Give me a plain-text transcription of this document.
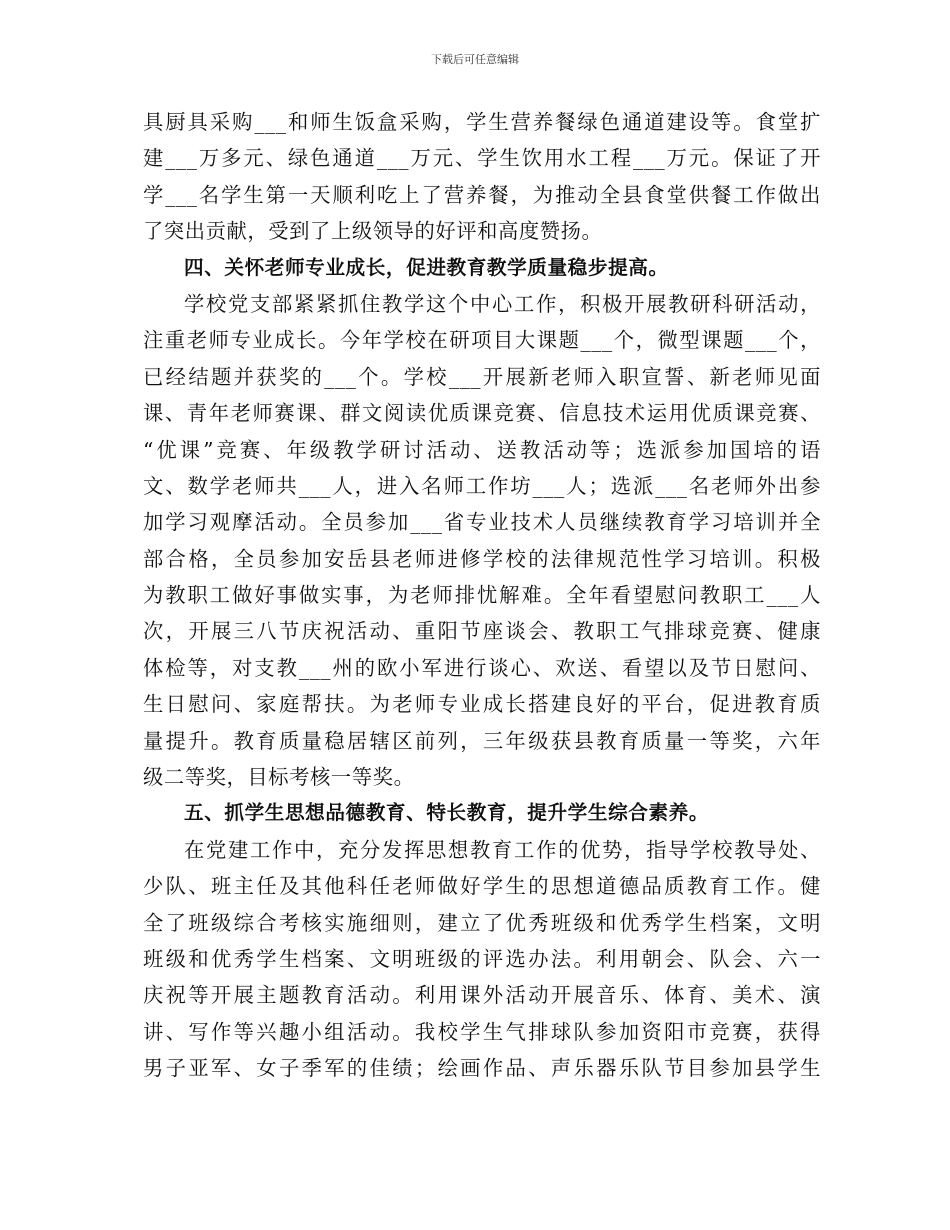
下载后可任意编辑
具厨具采购___和师生饭盒采购，学生营养餐绿色通道建设等。食堂扩
建___万多元、绿色通道___万元、学生饮用水工程___万元。保证了开
学___名学生第一天顺利吃上了营养餐，为推动全县食堂供餐工作做出
了突出贡献，受到了上级领导的好评和高度赞扬。
四、关怀老师专业成长，促进教育教学质量稳步提高。
学校党支部紧紧抓住教学这个中心工作，积极开展教研科研活动，
注重老师专业成长。今年学校在研项目大课题___个，微型课题___个，
已经结题并获奖的___个。学校___开展新老师入职宣誓、新老师见面
课、青年老师赛课、群文阅读优质课竞赛、信息技术运用优质课竞赛、
“优课”竞赛、年级教学研讨活动、送教活动等；选派参加国培的语
文、数学老师共___人，进入名师工作坊___人；选派___名老师外出参
加学习观摩活动。全员参加___省专业技术人员继续教育学习培训并全
部合格，全员参加安岳县老师进修学校的法律规范性学习培训。积极
为教职工做好事做实事，为老师排忧解难。全年看望慰问教职工___人
次，开展三八节庆祝活动、重阳节座谈会、教职工气排球竞赛、健康
体检等，对支教___州的欧小军进行谈心、欢送、看望以及节日慰问、
生日慰问、家庭帮扶。为老师专业成长搭建良好的平台，促进教育质
量提升。教育质量稳居辖区前列，三年级获县教育质量一等奖，六年
级二等奖，目标考核一等奖。
五、抓学生思想品德教育、特长教育，提升学生综合素养。
在党建工作中，充分发挥思想教育工作的优势，指导学校教导处、
少队、班主任及其他科任老师做好学生的思想道德品质教育工作。健
全了班级综合考核实施细则，建立了优秀班级和优秀学生档案，文明
班级和优秀学生档案、文明班级的评选办法。利用朝会、队会、六一
庆祝等开展主题教育活动。利用课外活动开展音乐、体育、美术、演
讲、写作等兴趣小组活动。我校学生气排球队参加资阳市竞赛，获得
男子亚军、女子季军的佳绩；绘画作品、声乐器乐队节目参加县学生
